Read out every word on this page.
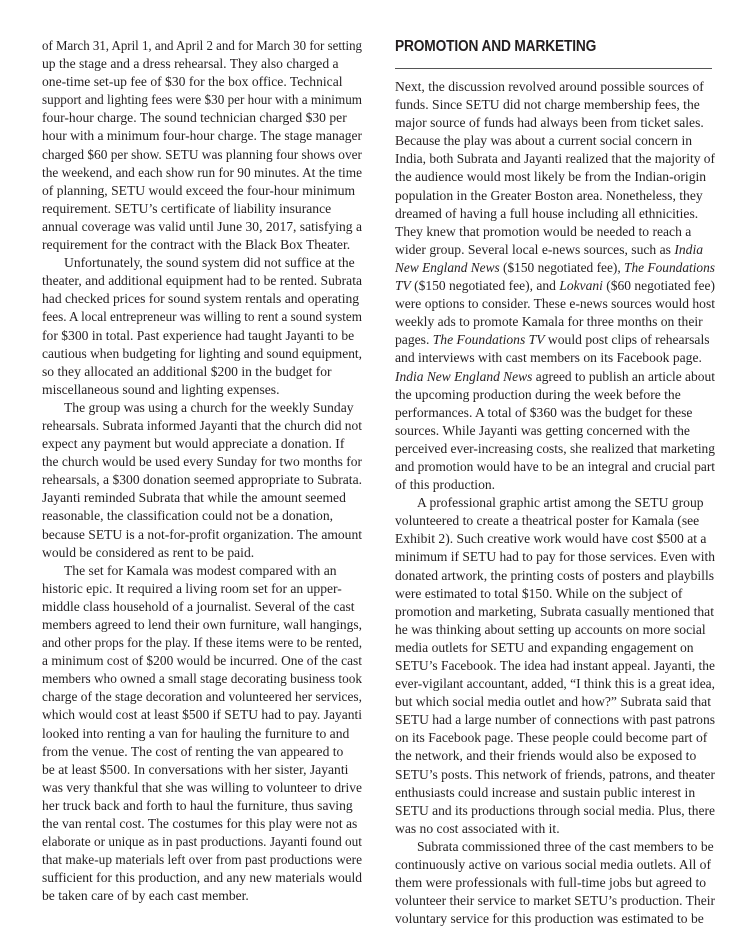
of March 31, April 1, and April 2 and for March 30 for setting
up the stage and a dress rehearsal. They also charged a
one-time set-up fee of $30 for the box office. Technical
support and lighting fees were $30 per hour with a minimum
four-hour charge. The sound technician charged $30 per
hour with a minimum four-hour charge. The stage manager
charged $60 per show. SETU was planning four shows over
the weekend, and each show run for 90 minutes. At the time
of planning, SETU would exceed the four-hour minimum
requirement. SETU’s certificate of liability insurance
annual coverage was valid until June 30, 2017, satisfying a
requirement for the contract with the Black Box Theater.
Unfortunately, the sound system did not suffice at the
theater, and additional equipment had to be rented. Subrata
had checked prices for sound system rentals and operating
fees. A local entrepreneur was willing to rent a sound system
for $300 in total. Past experience had taught Jayanti to be
cautious when budgeting for lighting and sound equipment,
so they allocated an additional $200 in the budget for
miscellaneous sound and lighting expenses.
The group was using a church for the weekly Sunday
rehearsals. Subrata informed Jayanti that the church did not
expect any payment but would appreciate a donation. If
the church would be used every Sunday for two months for
rehearsals, a $300 donation seemed appropriate to Subrata.
Jayanti reminded Subrata that while the amount seemed
reasonable, the classification could not be a donation,
because SETU is a not-for-profit organization. The amount
would be considered as rent to be paid.
The set for Kamala was modest compared with an
historic epic. It required a living room set for an upper-
middle class household of a journalist. Several of the cast
members agreed to lend their own furniture, wall hangings,
and other props for the play. If these items were to be rented,
a minimum cost of $200 would be incurred. One of the cast
members who owned a small stage decorating business took
charge of the stage decoration and volunteered her services,
which would cost at least $500 if SETU had to pay. Jayanti
looked into renting a van for hauling the furniture to and
from the venue. The cost of renting the van appeared to
be at least $500. In conversations with her sister, Jayanti
was very thankful that she was willing to volunteer to drive
her truck back and forth to haul the furniture, thus saving
the van rental cost. The costumes for this play were not as
elaborate or unique as in past productions. Jayanti found out
that make-up materials left over from past productions were
sufficient for this production, and any new materials would
be taken care of by each cast member.
PROMOTION AND MARKETING
Next, the discussion revolved around possible sources of
funds. Since SETU did not charge membership fees, the
major source of funds had always been from ticket sales.
Because the play was about a current social concern in
India, both Subrata and Jayanti realized that the majority of
the audience would most likely be from the Indian-origin
population in the Greater Boston area. Nonetheless, they
dreamed of having a full house including all ethnicities.
They knew that promotion would be needed to reach a
wider group. Several local e-news sources, such as India
New England News ($150 negotiated fee), The Foundations
TV ($150 negotiated fee), and Lokvani ($60 negotiated fee)
were options to consider. These e-news sources would host
weekly ads to promote Kamala for three months on their
pages. The Foundations TV would post clips of rehearsals
and interviews with cast members on its Facebook page.
India New England News agreed to publish an article about
the upcoming production during the week before the
performances. A total of $360 was the budget for these
sources. While Jayanti was getting concerned with the
perceived ever-increasing costs, she realized that marketing
and promotion would have to be an integral and crucial part
of this production.
A professional graphic artist among the SETU group
volunteered to create a theatrical poster for Kamala (see
Exhibit 2). Such creative work would have cost $500 at a
minimum if SETU had to pay for those services. Even with
donated artwork, the printing costs of posters and playbills
were estimated to total $150. While on the subject of
promotion and marketing, Subrata casually mentioned that
he was thinking about setting up accounts on more social
media outlets for SETU and expanding engagement on
SETU’s Facebook. The idea had instant appeal. Jayanti, the
ever-vigilant accountant, added, “I think this is a great idea,
but which social media outlet and how?” Subrata said that
SETU had a large number of connections with past patrons
on its Facebook page. These people could become part of
the network, and their friends would also be exposed to
SETU’s posts. This network of friends, patrons, and theater
enthusiasts could increase and sustain public interest in
SETU and its productions through social media. Plus, there
was no cost associated with it.
Subrata commissioned three of the cast members to be
continuously active on various social media outlets. All of
them were professionals with full-time jobs but agreed to
volunteer their service to market SETU’s production. Their
voluntary service for this production was estimated to be
